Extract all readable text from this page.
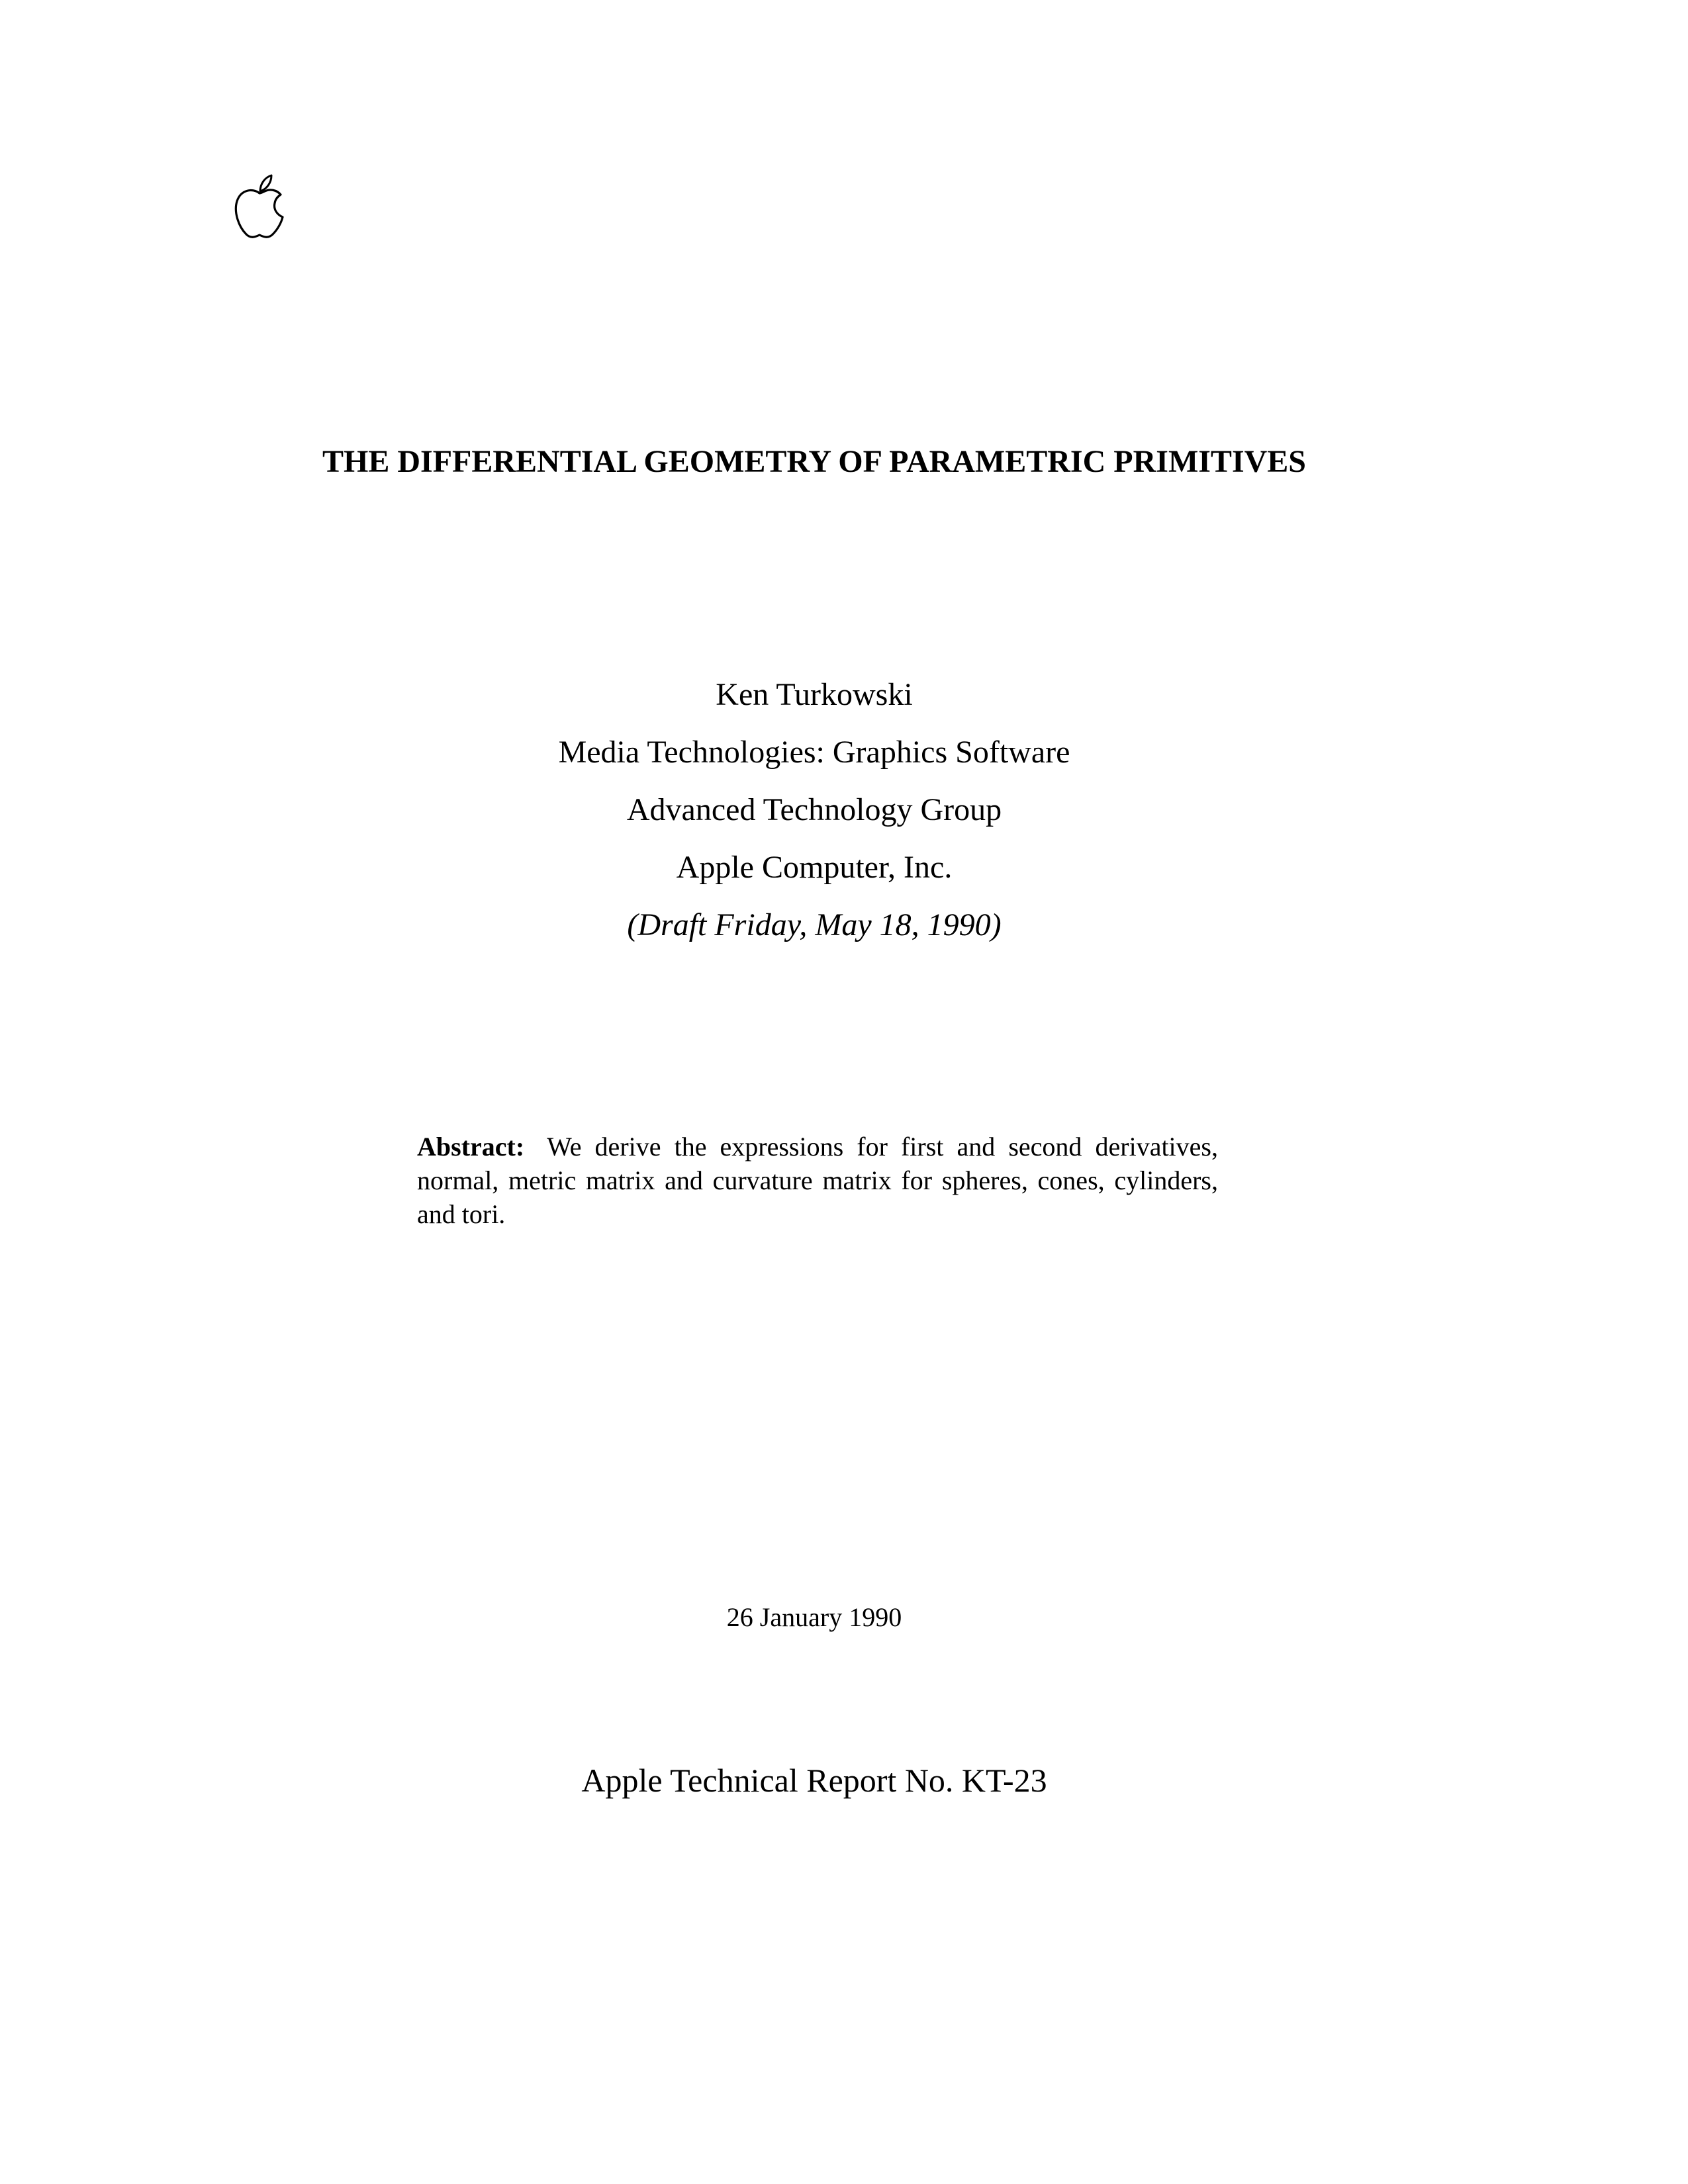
THE DIFFERENTIAL GEOMETRY OF PARAMETRIC PRIMITIVES
Ken Turkowski
Media Technologies: Graphics Software
Advanced Technology Group
Apple Computer, Inc.
(Draft Friday, May 18, 1990)
Abstract: We derive the expressions for first and second derivatives, normal, metric matrix and curvature matrix for spheres, cones, cylinders, and tori.
26 January 1990
Apple Technical Report No. KT-23
